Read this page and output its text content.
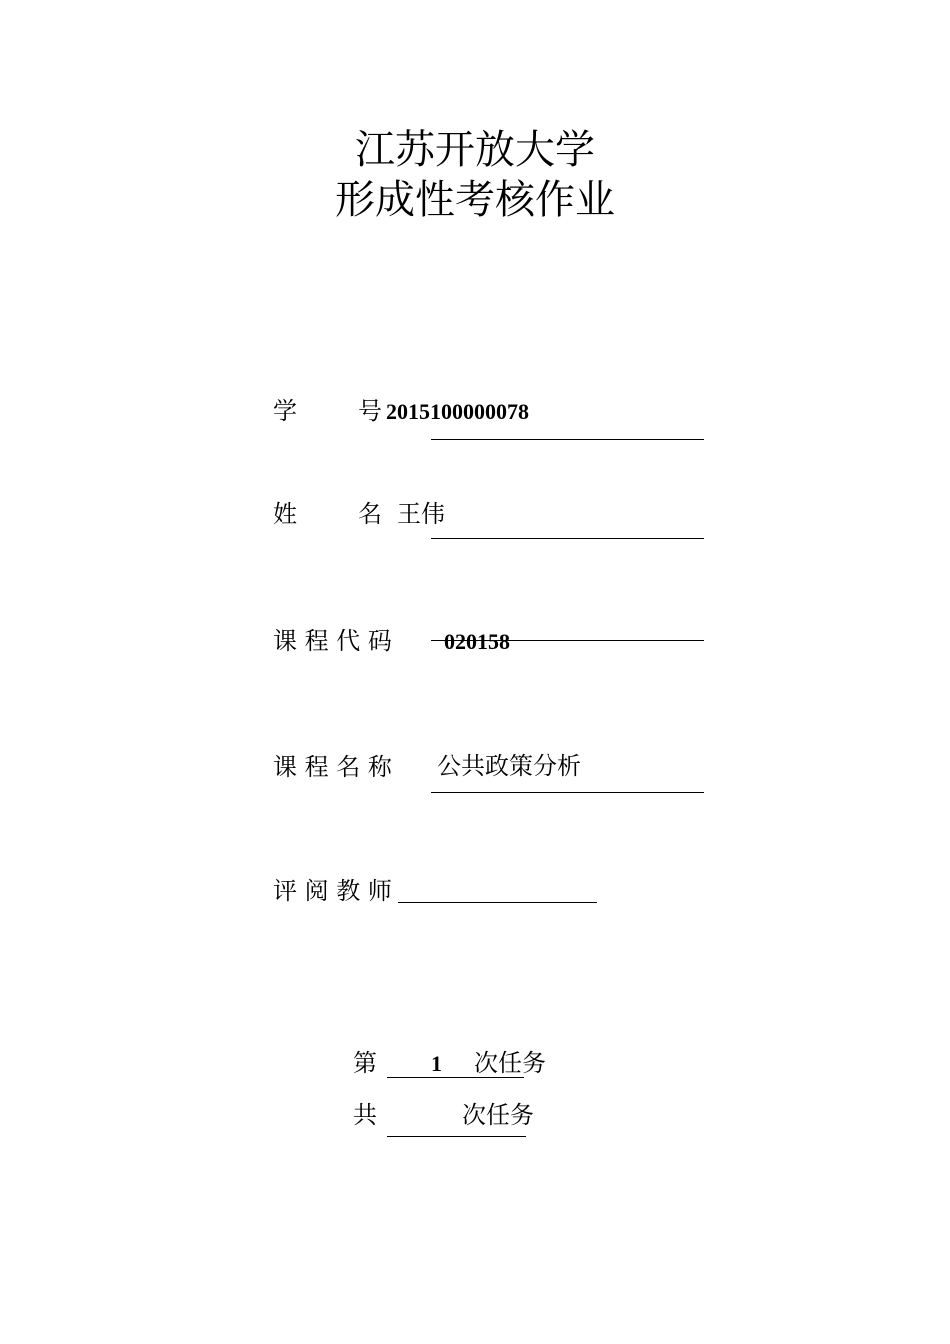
江苏开放大学
形成性考核作业
学        号 2015100000078
姓        名 王伟
课 程 代 码 020158
课 程 名 称 公共政策分析
评 阅 教 师
第 1 次任务
共	次任务
